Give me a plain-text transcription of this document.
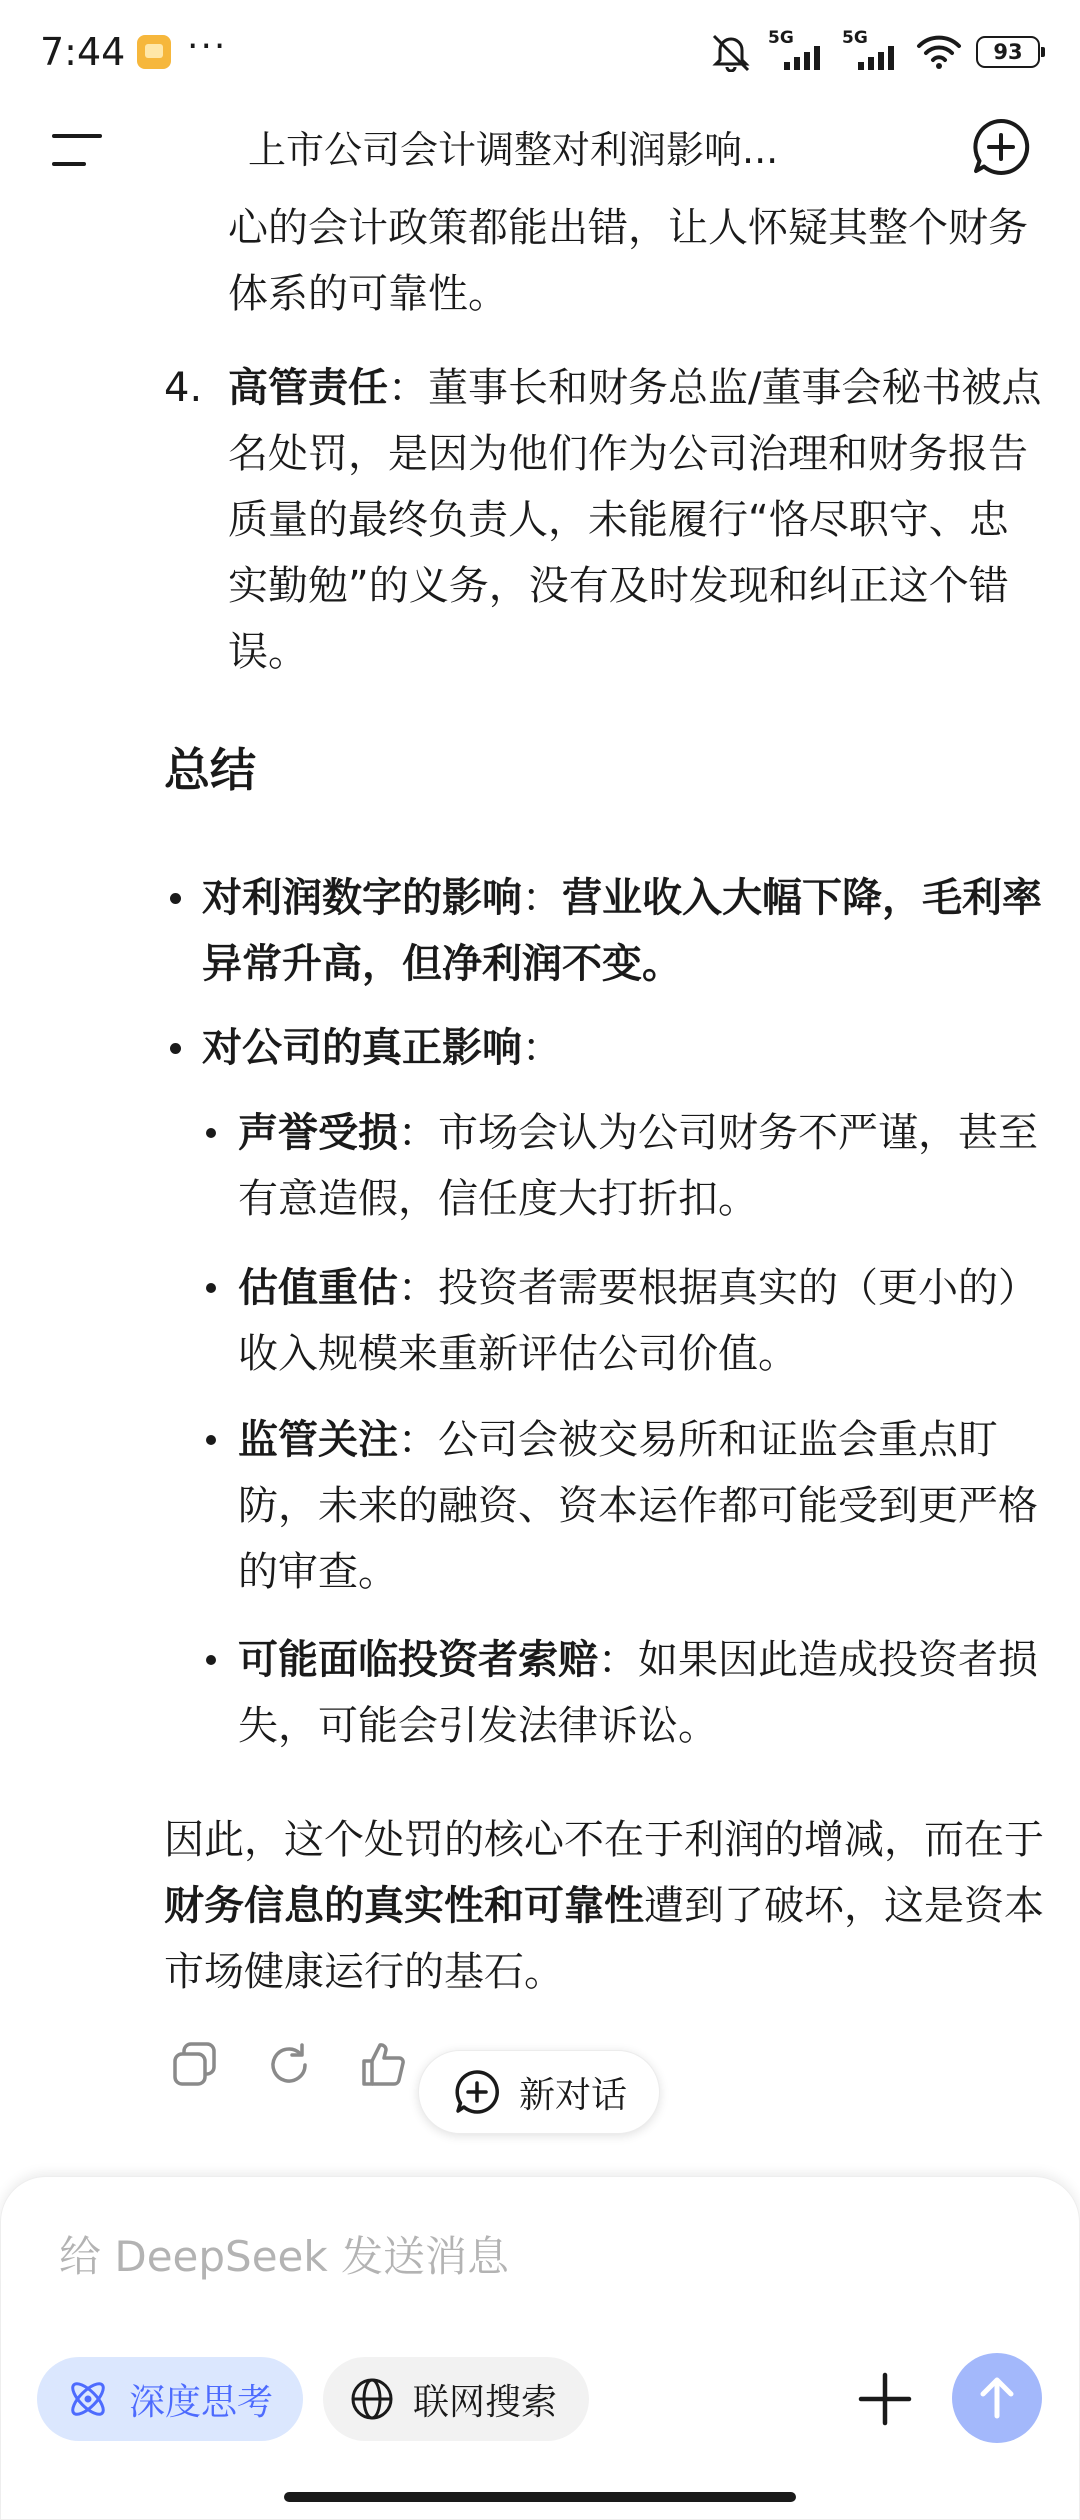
7:44 ···	5G	5G
93
上市公司会计调整对利润影响...

心的会计政策都能出错，让人怀疑其整个财务体系的可靠性。

4. 高管责任：董事长和财务总监/董事会秘书被点名处罚，是因为他们作为公司治理和财务报告质量的最终负责人，未能履行“恪尽职守、忠实勤勉”的义务，没有及时发现和纠正这个错误。
总结
对利润数字的影响：营业收入大幅下降，毛利率异常升高，但净利润不变。
对公司的真正影响：
声誉受损：市场会认为公司财务不严谨，甚至有意造假，信任度大打折扣。
估值重估：投资者需要根据真实的（更小的）收入规模来重新评估公司价值。
监管关注：公司会被交易所和证监会重点盯防，未来的融资、资本运作都可能受到更严格的审查。
可能面临投资者索赔：如果因此造成投资者损失，可能会引发法律诉讼。
因此，这个处罚的核心不在于利润的增减，而在于财务信息的真实性和可靠性遭到了破坏，这是资本市场健康运行的基石。
新对话
给 DeepSeek 发送消息
深度思考	联网搜索
